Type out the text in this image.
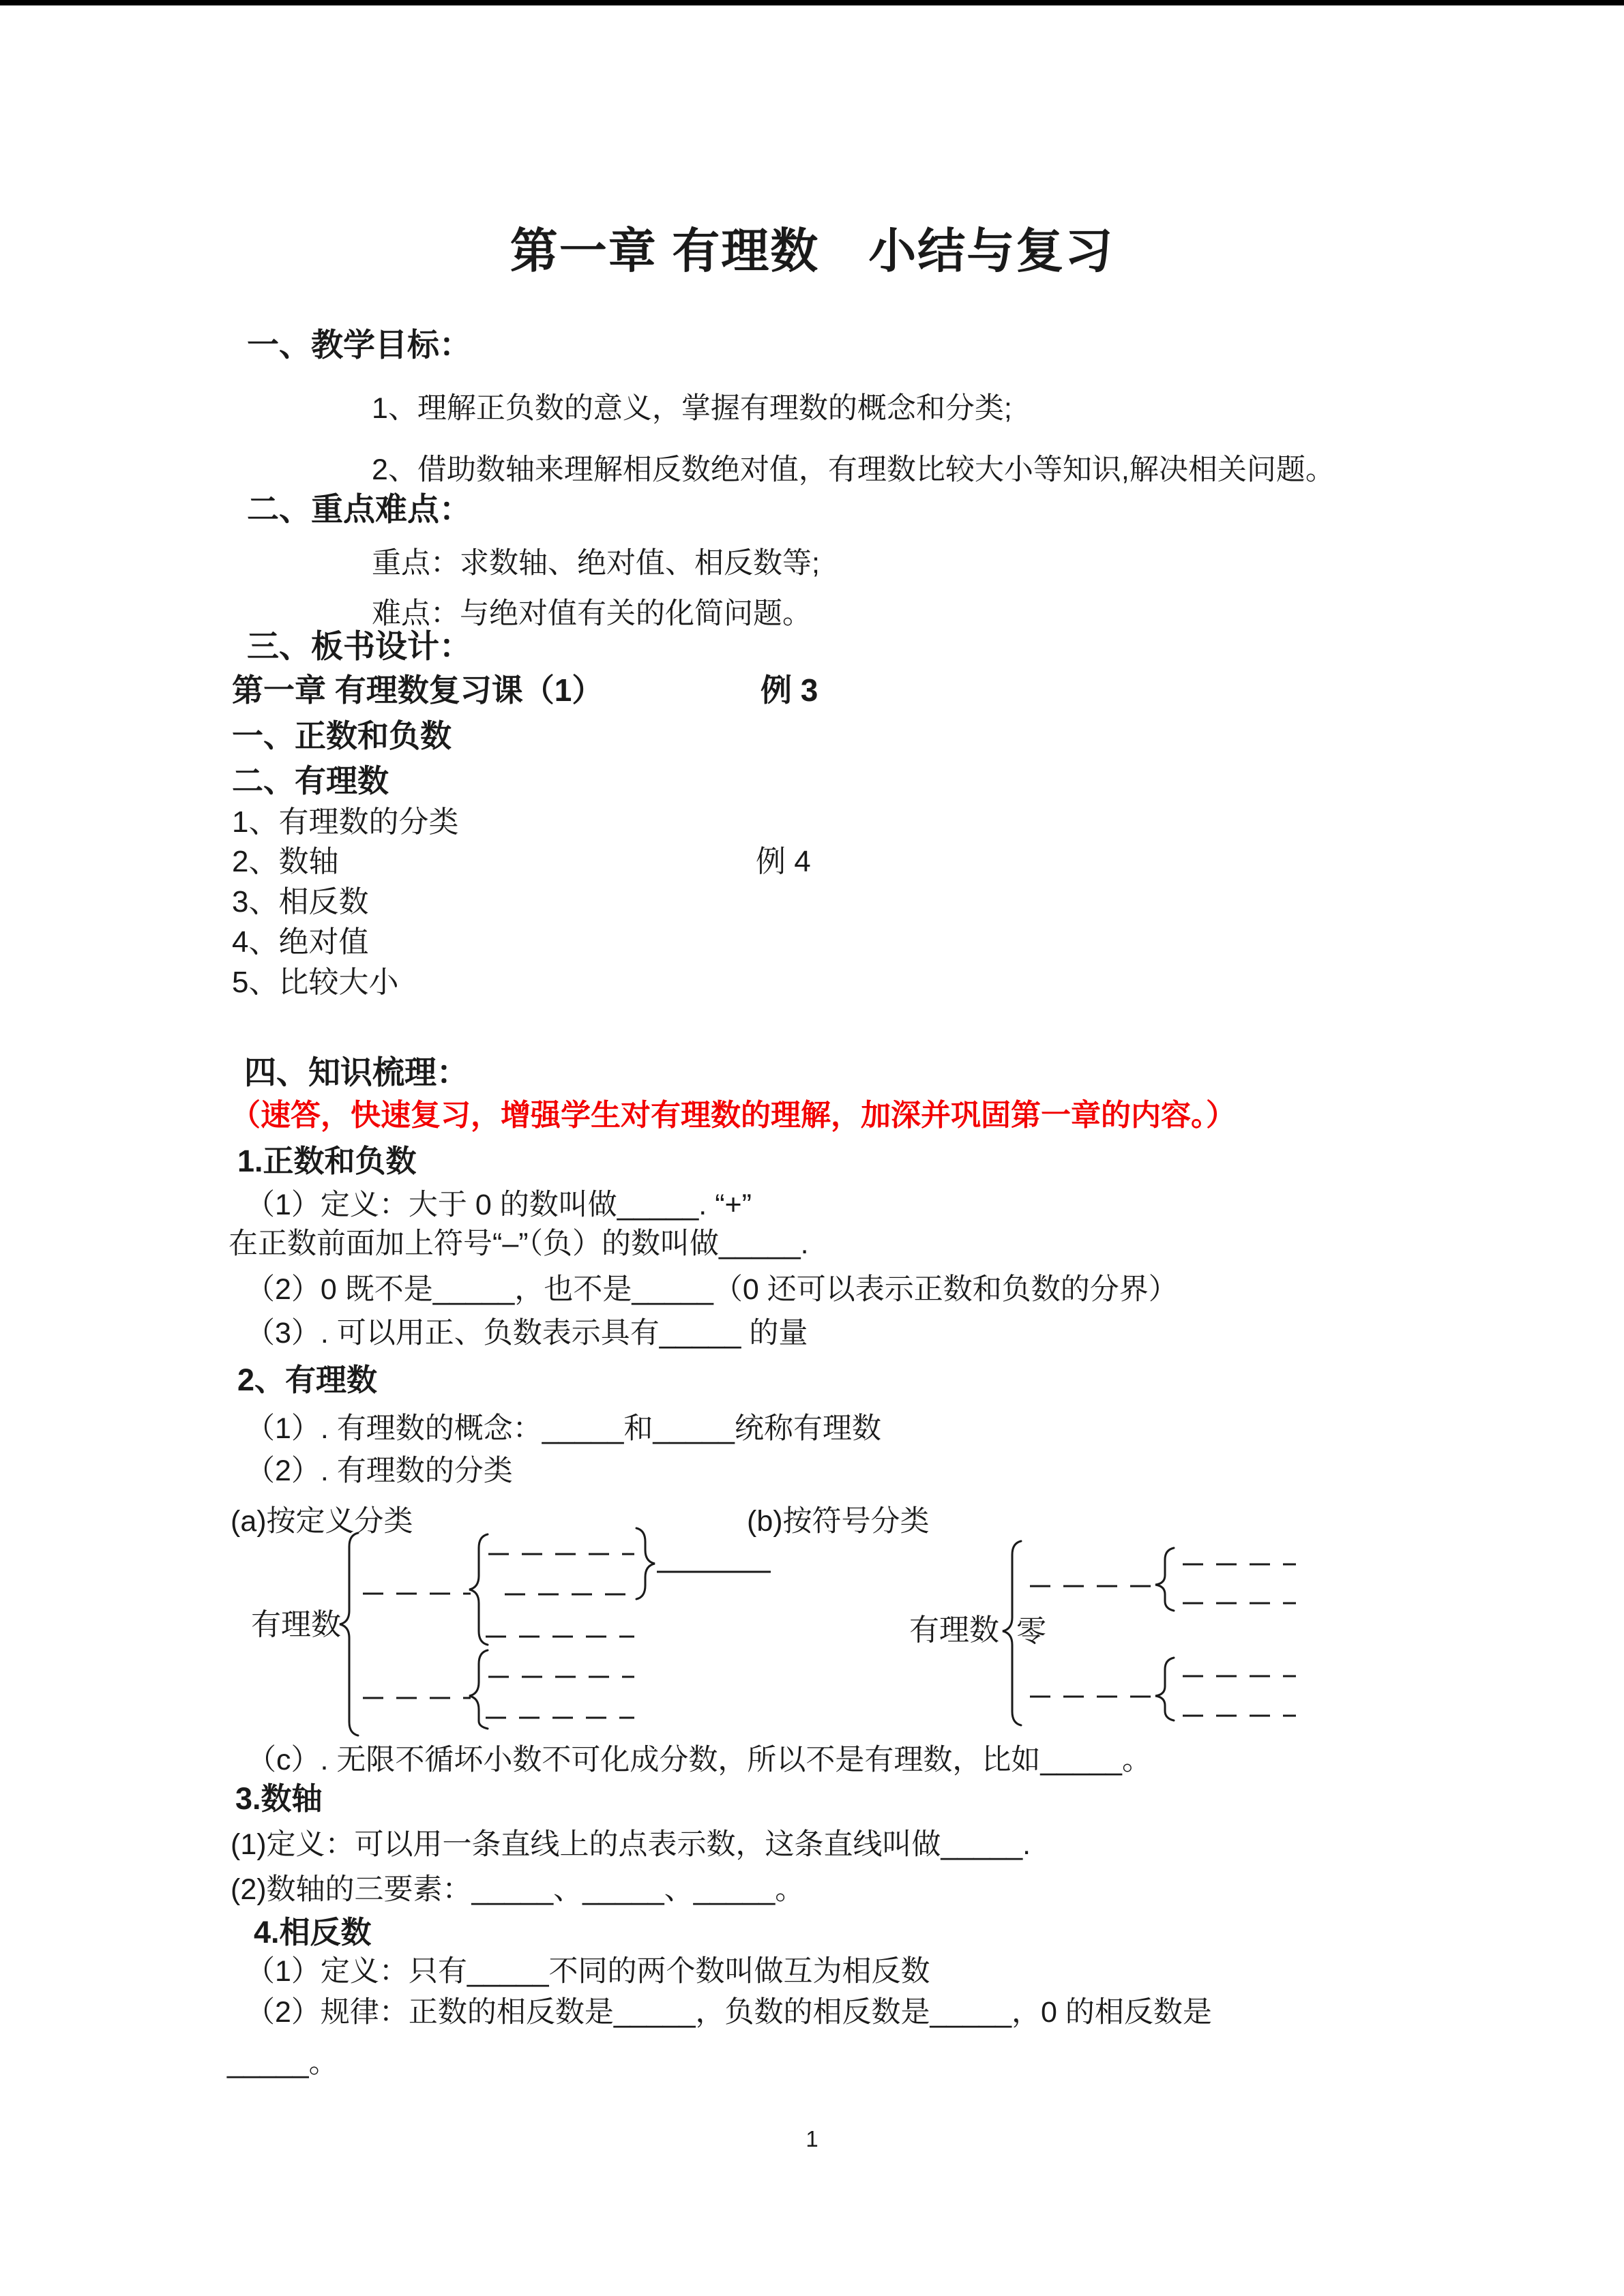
第一章 有理数　小结与复习
一、教学目标：
1、理解正负数的意义，掌握有理数的概念和分类;
2、借助数轴来理解相反数绝对值，有理数比较大小等知识,解决相关问题。
二、重点难点：
重点：求数轴、绝对值、相反数等;
难点：与绝对值有关的化简问题。
三、板书设计：
第一章 有理数复习课（1）	例 3
一、正数和负数
二、有理数
1、有理数的分类
2、数轴	例 4
3、相反数
4、绝对值
5、比较大小
四、知识梳理：
（速答，快速复习，增强学生对有理数的理解，加深并巩固第一章的内容。）
1.正数和负数
（1）定义：大于 0 的数叫做_____. “+”
在正数前面加上符号“–”（负）的数叫做_____.
（2）0 既不是_____，也不是_____（0 还可以表示正数和负数的分界）
（3）. 可以用正、负数表示具有_____ 的量
2、有理数
（1）. 有理数的概念：_____和_____统称有理数
（2）. 有理数的分类
(a)按定义分类	(b)按符号分类
有理数	有理数 零
（c）. 无限不循坏小数不可化成分数，所以不是有理数，比如_____。
3.数轴
(1)定义：可以用一条直线上的点表示数，这条直线叫做_____.
(2)数轴的三要素：_____、_____、_____。
4.相反数
（1）定义：只有_____不同的两个数叫做互为相反数
（2）规律：正数的相反数是_____，负数的相反数是_____，0 的相反数是
_____。
1
